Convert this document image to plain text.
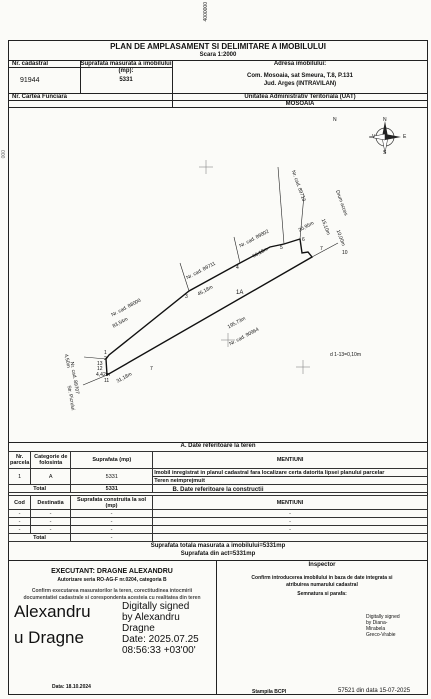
4000000
000
PLAN DE AMPLASAMENT SI DELIMITARE A IMOBILULUI
Scara 1:2000
Nr. cadastral
91944
Suprafata masurata a imobilului (mp):
5331
Adresa imobilului:
Com. Mosoaia, sat Smeura, T.8, P.131
Jud. Arges (INTRAVILAN)
Nr. Cartea Funciara	Unitatea Administrativ Teritoriala (UAT)
MOSOAIA
N	N
S
V	E
Nr. cad. 88000
83,54m
Nr. cad. 89711
45,18m
Nr. cad. 89802
66,18m
Nr. cad. 89713
Drum acces
20,95m 15,10m
10,00m
195,73m
Nr. cad. 90964
Nr. cad. 89707
Str. Picrului
4,50m
4,42m 31,18m
7
1
2
3
4
5
6
7
10
11
12
13
1A
d 1-13=0,10m
A. Date referitoare la teren
Nr. parcela	Categorie de folosinta	Suprafata (mp)	MENTIUNI
1	A	5331	Imobil inregistrat in planul cadastral fara localizare certa datorita lipsei planului parcelar
			Teren neimprejmuit
Total		5331		B. Date referitoare la constructii
Cod	Destinatia	Suprafata construita la sol (mp)	MENTIUNI
-	-	-	-
-	-	-	-
-	-	-	-
Total		-	
Suprafata totala masurata a imobilului=5331mp
Suprafata din act=5331mp
EXECUTANT: DRAGNE ALEXANDRU
Autorizare seria RO-AG-F nr.0204, categoria B
Confirm executarea masuratorilor la teren, corectitudinea intocmirii
documentatiei cadastrale si corespondenta acesteia cu realitatea din teren
Alexandru
u Dragne
Digitally signed
by Alexandru
Dragne
Date: 2025.07.25
08:56:33 +03'00'
Data: 18.10.2024
Inspector
Confirm introducerea imobilului in baza de date integrata si
atribuirea numarului cadastral
Semnatura si parafa:
Digitally signed
by Diana-
Mirabela
Greco-Vrabie
Stampila BCPI	57521 din data 15-07-2025
